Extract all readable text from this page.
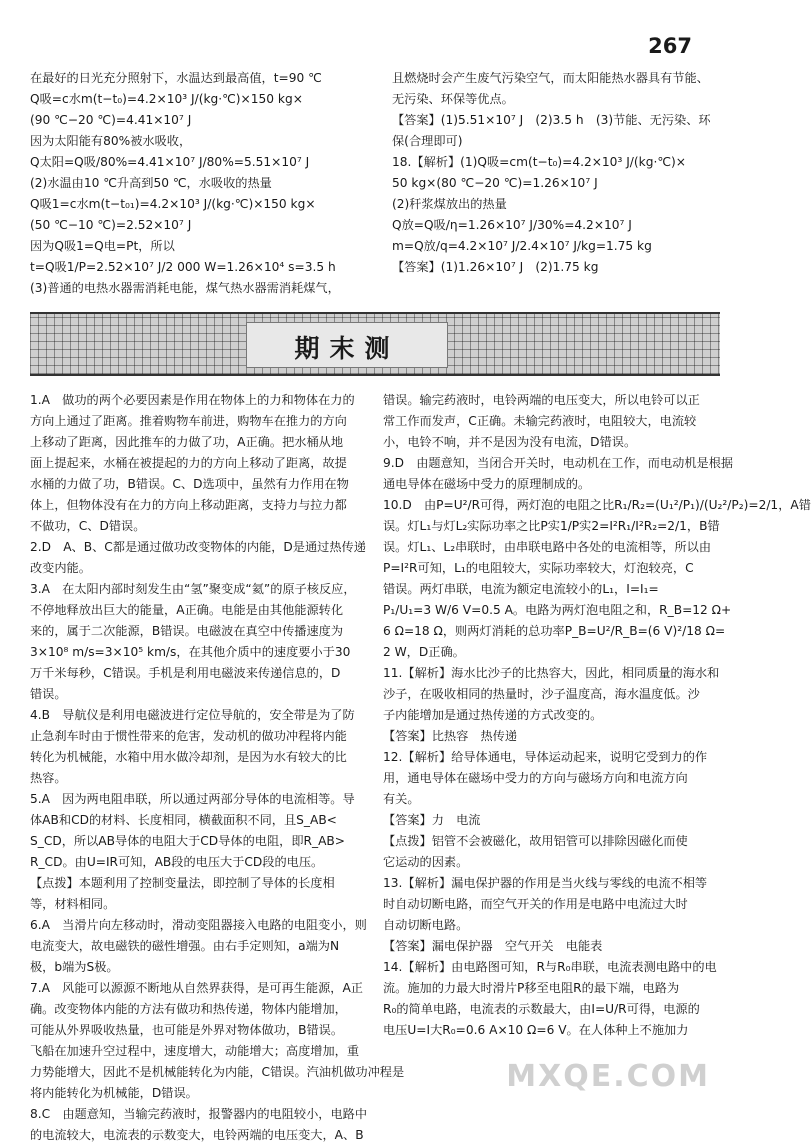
267

在最好的日光充分照射下，水温达到最高值，t=90 ℃

Q吸=c水m(t−t₀)=4.2×10³ J/(kg·℃)×150 kg×

(90 ℃−20 ℃)=4.41×10⁷ J

因为太阳能有80%被水吸收，

Q太阳=Q吸/80%=4.41×10⁷ J/80%=5.51×10⁷ J

(2)水温由10 ℃升高到50 ℃，水吸收的热量

Q吸1=c水m(t−t₀₁)=4.2×10³ J/(kg·℃)×150 kg×

(50 ℃−10 ℃)=2.52×10⁷ J

因为Q吸1=Q电=Pt，所以

t=Q吸1/P=2.52×10⁷ J/2 000 W=1.26×10⁴ s=3.5 h

(3)普通的电热水器需消耗电能，煤气热水器需消耗煤气，

且燃烧时会产生废气污染空气，而太阳能热水器具有节能、

无污染、环保等优点。

【答案】(1)5.51×10⁷ J　(2)3.5 h　(3)节能、无污染、环

保(合理即可)

18.【解析】(1)Q吸=cm(t−t₀)=4.2×10³ J/(kg·℃)×

50 kg×(80 ℃−20 ℃)=1.26×10⁷ J

(2)秆浆煤放出的热量

Q放=Q吸/η=1.26×10⁷ J/30%=4.2×10⁷ J

m=Q放/q=4.2×10⁷ J/2.4×10⁷ J/kg=1.75 kg

【答案】(1)1.26×10⁷ J　(2)1.75 kg

期末测

1.A　做功的两个必要因素是作用在物体上的力和物体在力的

方向上通过了距离。推着购物车前进，购物车在推力的方向

上移动了距离，因此推车的力做了功，A正确。把水桶从地

面上提起来，水桶在被提起的力的方向上移动了距离，故提

水桶的力做了功，B错误。C、D选项中，虽然有力作用在物

体上，但物体没有在力的方向上移动距离，支持力与拉力都

不做功，C、D错误。

2.D　A、B、C都是通过做功改变物体的内能，D是通过热传递

改变内能。

3.A　在太阳内部时刻发生由“氢”聚变成“氦”的原子核反应，

不停地释放出巨大的能量，A正确。电能是由其他能源转化

来的，属于二次能源，B错误。电磁波在真空中传播速度为

3×10⁸ m/s=3×10⁵ km/s，在其他介质中的速度要小于30

万千米每秒，C错误。手机是利用电磁波来传递信息的，D

错误。

4.B　导航仪是利用电磁波进行定位导航的，安全带是为了防

止急刹车时由于惯性带来的危害，发动机的做功冲程将内能

转化为机械能，水箱中用水做冷却剂，是因为水有较大的比

热容。

5.A　因为两电阻串联，所以通过两部分导体的电流相等。导

体AB和CD的材料、长度相同，横截面积不同，且S_AB<

S_CD，所以AB导体的电阻大于CD导体的电阻，即R_AB>

R_CD。由U=IR可知，AB段的电压大于CD段的电压。

【点拨】本题利用了控制变量法，即控制了导体的长度相

等，材料相同。

6.A　当滑片向左移动时，滑动变阻器接入电路的电阻变小，则

电流变大，故电磁铁的磁性增强。由右手定则知，a端为N

极，b端为S极。

7.A　风能可以源源不断地从自然界获得，是可再生能源，A正

确。改变物体内能的方法有做功和热传递，物体内能增加，

可能从外界吸收热量，也可能是外界对物体做功，B错误。

飞船在加速升空过程中，速度增大，动能增大；高度增加，重

力势能增大，因此不是机械能转化为内能，C错误。汽油机做功冲程是

将内能转化为机械能，D错误。

8.C　由题意知，当输完药液时，报警器内的电阻较小，电路中

的电流较大，电流表的示数变大，电铃两端的电压变大，A、B

错误。输完药液时，电铃两端的电压变大，所以电铃可以正

常工作而发声，C正确。未输完药液时，电阻较大，电流较

小，电铃不响，并不是因为没有电流，D错误。

9.D　由题意知，当闭合开关时，电动机在工作，而电动机是根据

通电导体在磁场中受力的原理制成的。

10.D　由P=U²/R可得，两灯泡的电阻之比R₁/R₂=(U₁²/P₁)/(U₂²/P₂)=2/1，A错

误。灯L₁与灯L₂实际功率之比P实1/P实2=I²R₁/I²R₂=2/1，B错

误。灯L₁、L₂串联时，由串联电路中各处的电流相等，所以由

P=I²R可知，L₁的电阻较大，实际功率较大，灯泡较亮，C

错误。两灯串联，电流为额定电流较小的L₁，I=I₁=

P₁/U₁=3 W/6 V=0.5 A。电路为两灯泡电阻之和，R_B=12 Ω+

6 Ω=18 Ω，则两灯消耗的总功率P_B=U²/R_B=(6 V)²/18 Ω=

2 W，D正确。

11.【解析】海水比沙子的比热容大，因此，相同质量的海水和

沙子，在吸收相同的热量时，沙子温度高，海水温度低。沙

子内能增加是通过热传递的方式改变的。

【答案】比热容　热传递

12.【解析】给导体通电，导体运动起来，说明它受到力的作

用，通电导体在磁场中受力的方向与磁场方向和电流方向

有关。

【答案】力　电流

【点拨】铝管不会被磁化，故用铝管可以排除因磁化而使

它运动的因素。

13.【解析】漏电保护器的作用是当火线与零线的电流不相等

时自动切断电路，而空气开关的作用是电路中电流过大时

自动切断电路。

【答案】漏电保护器　空气开关　电能表

14.【解析】由电路图可知，R与R₀串联，电流表测电路中的电

流。施加的力最大时滑片P移至电阻R的最下端，电路为

R₀的简单电路，电流表的示数最大，由I=U/R可得，电源的

电压U=I大R₀=0.6 A×10 Ω=6 V。在人体种上不施加力

MXQE.COM
